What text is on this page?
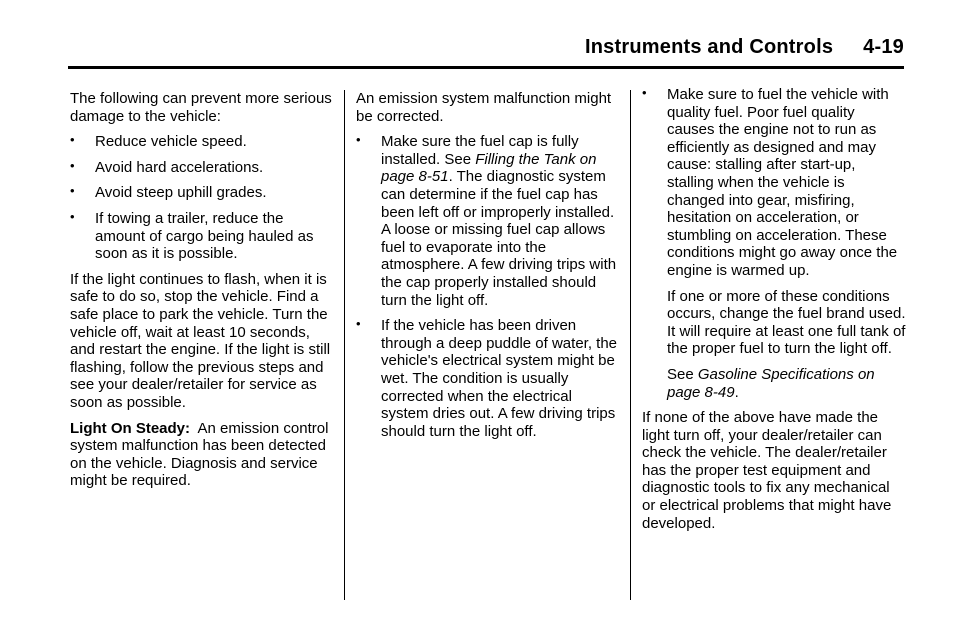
Instruments and Controls 4-19

The following can prevent more serious damage to the vehicle:

• Reduce vehicle speed.
• Avoid hard accelerations.
• Avoid steep uphill grades.
• If towing a trailer, reduce the amount of cargo being hauled as soon as it is possible.

If the light continues to flash, when it is safe to do so, stop the vehicle. Find a safe place to park the vehicle. Turn the vehicle off, wait at least 10 seconds, and restart the engine. If the light is still flashing, follow the previous steps and see your dealer/retailer for service as soon as possible.

Light On Steady: An emission control system malfunction has been detected on the vehicle. Diagnosis and service might be required.

An emission system malfunction might be corrected.

• Make sure the fuel cap is fully installed. See Filling the Tank on page 8-51. The diagnostic system can determine if the fuel cap has been left off or improperly installed. A loose or missing fuel cap allows fuel to evaporate into the atmosphere. A few driving trips with the cap properly installed should turn the light off.
• If the vehicle has been driven through a deep puddle of water, the vehicle's electrical system might be wet. The condition is usually corrected when the electrical system dries out. A few driving trips should turn the light off.
• Make sure to fuel the vehicle with quality fuel. Poor fuel quality causes the engine not to run as efficiently as designed and may cause: stalling after start-up, stalling when the vehicle is changed into gear, misfiring, hesitation on acceleration, or stumbling on acceleration. These conditions might go away once the engine is warmed up.

If one or more of these conditions occurs, change the fuel brand used. It will require at least one full tank of the proper fuel to turn the light off.

See Gasoline Specifications on page 8-49.

If none of the above have made the light turn off, your dealer/retailer can check the vehicle. The dealer/retailer has the proper test equipment and diagnostic tools to fix any mechanical or electrical problems that might have developed.
